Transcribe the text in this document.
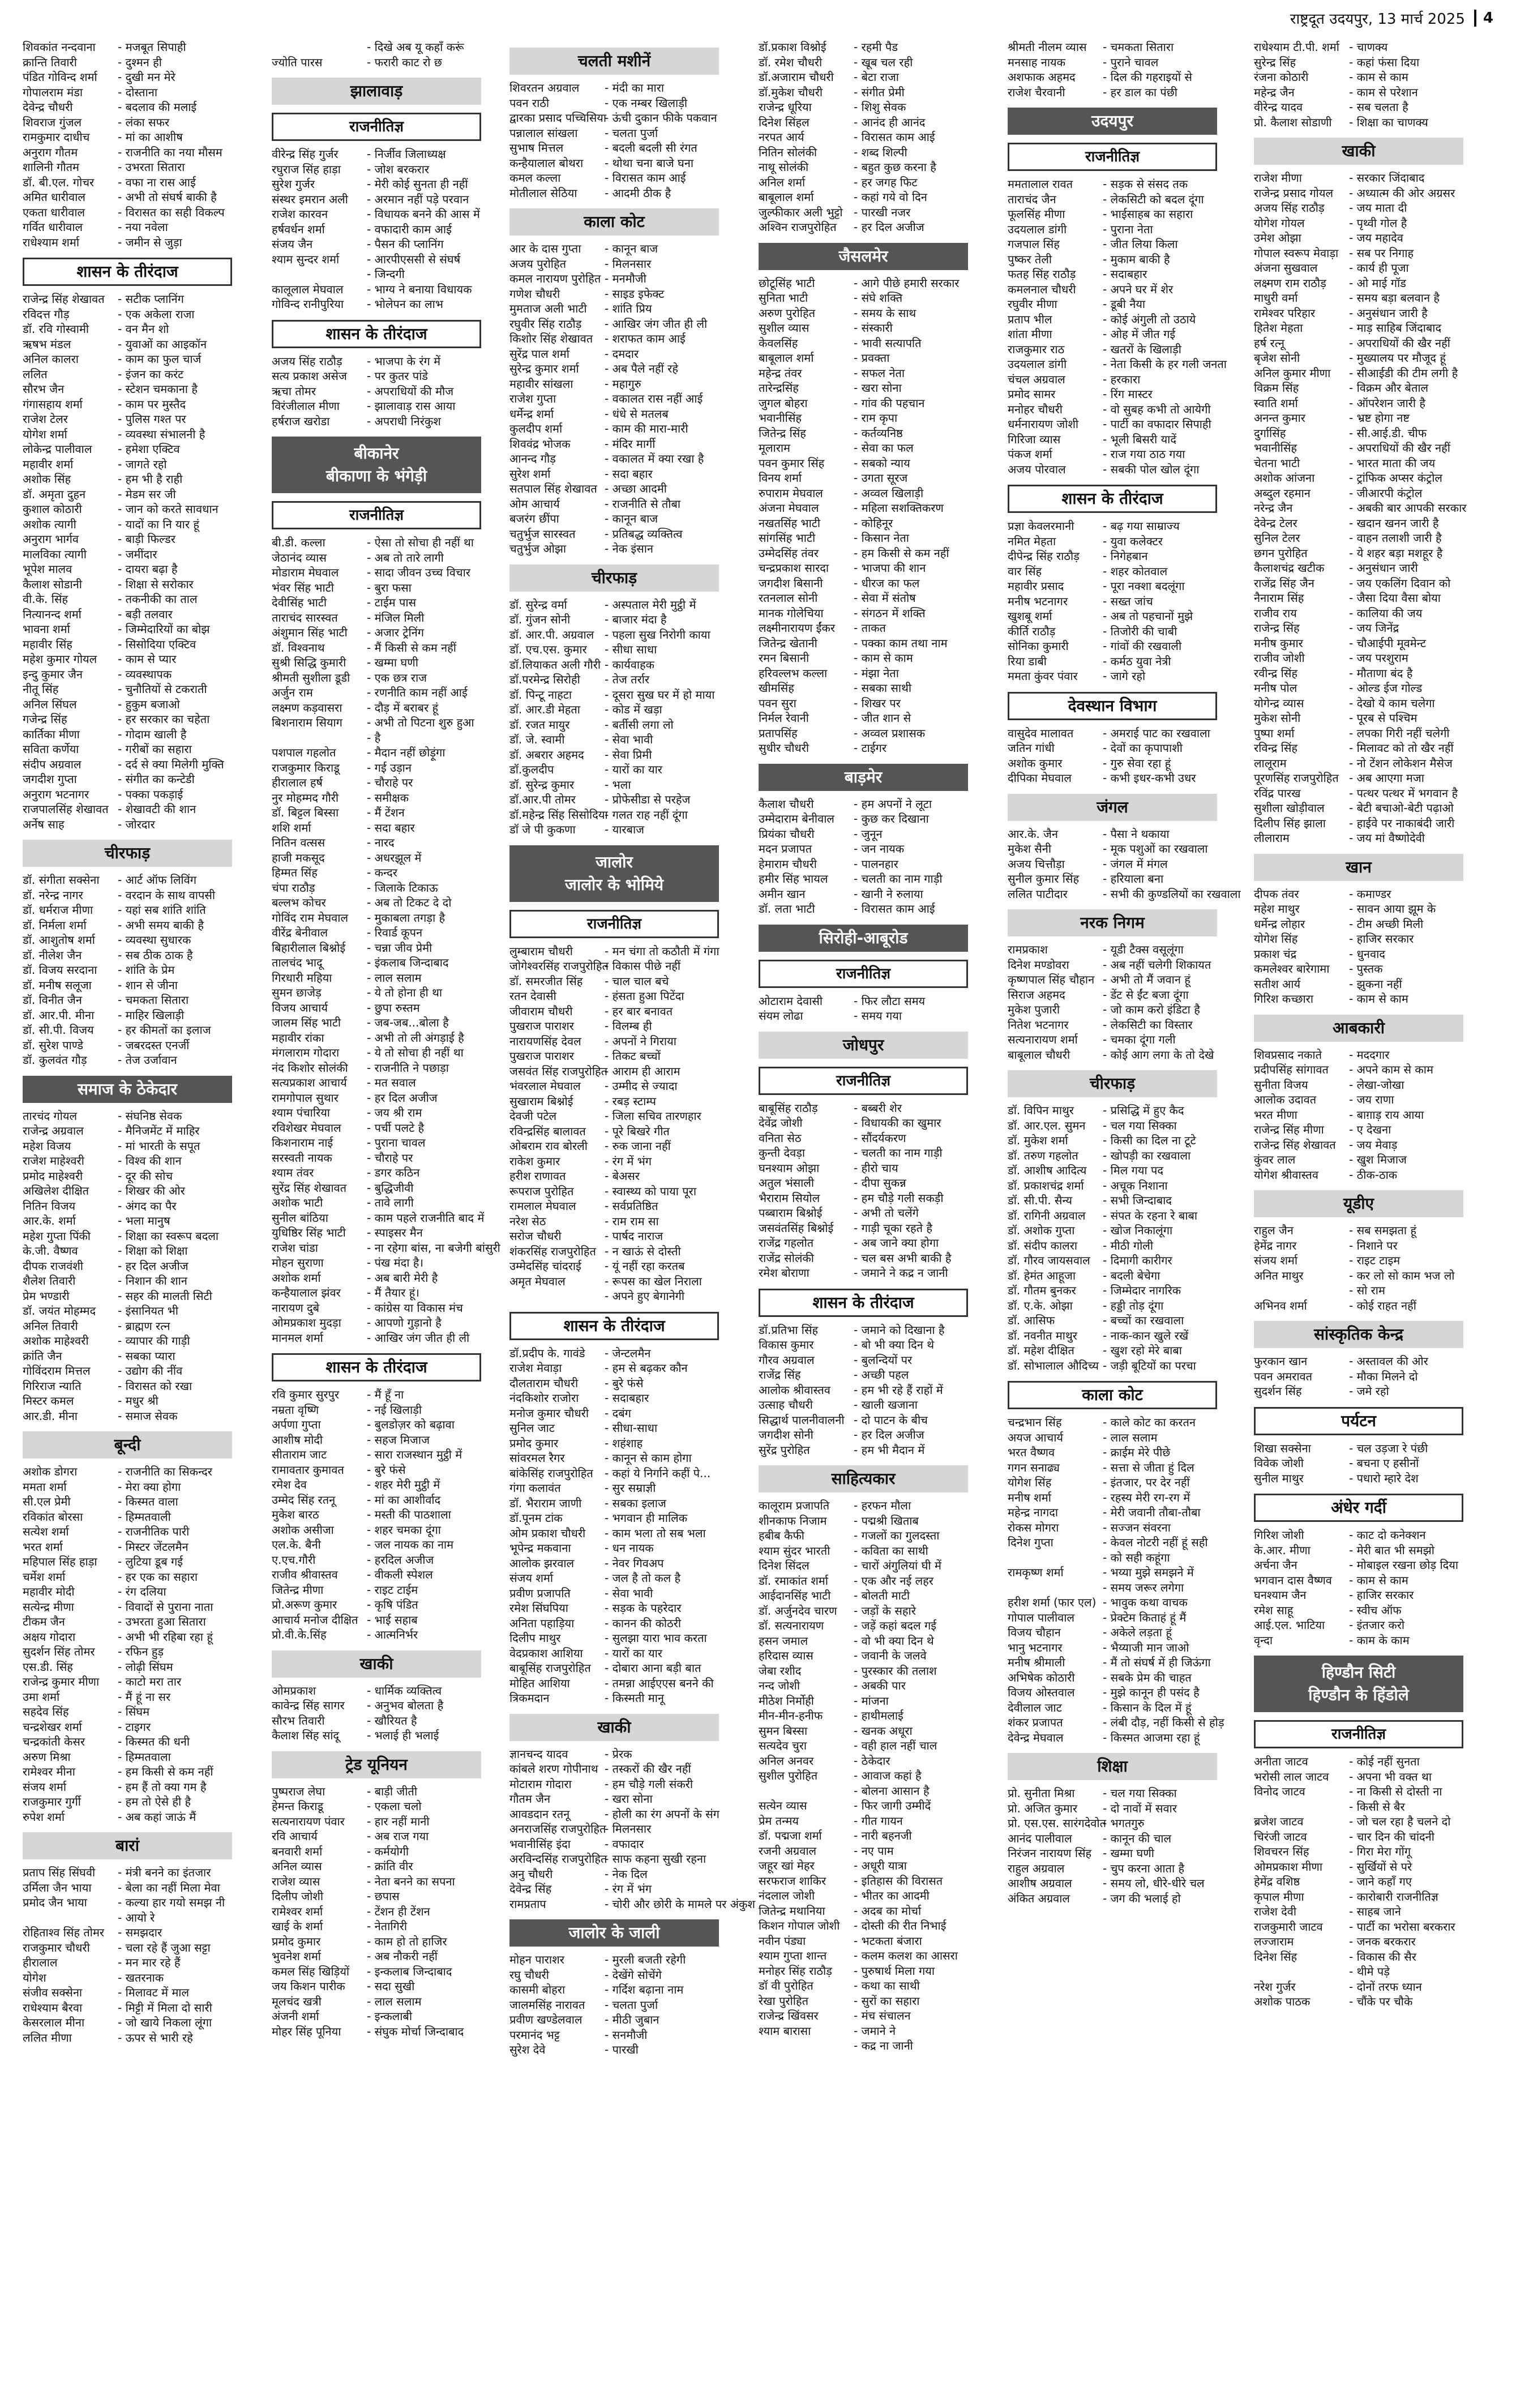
राष्ट्रदूत उदयपुर, 13 मार्च 2025	4
शिवकांत नन्दवाना - मजबूत सिपाही
क्रान्ति तिवारी	- दुश्मन ही
पंडित गोविन्द शर्मा - दुखी मन मेरे
गोपालराम मंडा	- दोस्ताना
देवेन्द्र चौधरी	- बदलाव की मलाई
शिवराज गुंजल	- लंका सफर
रामकुमार दाधीच - मां का आशीष
अनुराग गौतम	- राजनीति का नया मौसम
शालिनी गौतम	- उभरता सितारा
डॉ. बी.एल. गोचर - वफा ना रास आई
अमित धारीवाल	- अभी तो संघर्ष बाकी है
एकता धारीवाल	- विरासत का सही विकल्प
गर्वित धारीवाल	- नया नवेला
राधेश्याम शर्मा	- जमीन से जुड़ा
शासन के तीरंदाज
राजेन्द्र सिंह शेखावत - सटीक प्लानिंग
रविदत्त गौड़	- एक अकेला राजा
डॉ. रवि गोस्वामी	- वन मैन शो
ऋषभ मंडल	- युवाओं का आइकॉन
अनिल कालरा	- काम का फुल चार्ज
ललित	- इंजन का करंट
सौरभ जैन	- स्टेशन चमकाना है
गंगासहाय शर्मा	- काम पर मुस्तैद
राजेश टेलर	- पुलिस गश्त पर
योगेश शर्मा	- व्यवस्था संभालनी है
लोकेन्द्र पालीवाल - हमेशा एक्टिव
महावीर शर्मा	- जागते रहो
अशोक सिंह	- हम भी है राही
डॉ. अमृता दुहन	- मेडम सर जी
कुशाल कोठारी	- जान को करते सावधान
अशोक त्यागी	- यादों का नि यार हूं
अनुराग भार्गव	- बाड़ी फिल्डर
मालविका त्यागी	- जमींदार
भूपेश मालव	- दायरा बढ़ा है
कैलाश सोडानी	- शिक्षा से सरोकार
वी.के. सिंह	- तकनीकी का ताल
नित्यानन्द शर्मा	- बड़ी तलवार
भावना शर्मा	- जिम्मेदारियों का बोझ
महावीर सिंह	- सिसोदिया एक्टिव
महेश कुमार गोयल - काम से प्यार
इन्दु कुमार जैन	- व्यवस्थापक
नीतू सिंह	- चुनौतियों से टकराती
अनिल सिंघल	- हुकुम बजाओ
गजेन्द्र सिंह	- हर सरकार का चहेता
कार्तिका मीणा	- गोदाम खाली है
सविता कर्णेया	- गरीबों का सहारा
संदीप अग्रवाल	- दर्द से क्या मिलेगी मुक्ति
जगदीश गुप्ता	- संगीत का कन्टेडी
अनुराग भटनागर	- पक्का पकड़ाई
राजपालसिंह शेखावत - शेखावटी की शान
अर्नेष साह	- जोरदार
चीरफाड़
डॉ. संगीता सक्सेना - आर्ट ऑफ लिविंग
डॉ. नरेन्द्र नागर	- वरदान के साथ वापसी
डॉ. धर्मराज मीणा - यहां सब शांति शांति
डॉ. निर्मला शर्मा	- अभी समय बाकी है
डॉ. आशुतोष शर्मा - व्यवस्था सुधारक
डॉ. नीलेश जैन	- सब ठीक ठाक है
डॉ. विजय सरदाना - शांति के प्रेम
डॉ. मनीष सलूजा - शान से जीना
डॉ. विनीत जैन	- चमकता सितारा
डॉ. आर.पी. मीना - माहिर खिलाड़ी
डॉ. सी.पी. विजय - हर कीमतों का इलाज
डॉ. सुरेश पाण्डे	- जबरदस्त एनर्जी
डॉ. कुलवंत गौड़	- तेज उर्जावान
समाज के ठेकेदार
तारचंद गोयल	- संघनिष्ठ सेवक
राजेन्द्र अग्रवाल	- मैनिजमेंट में माहिर
महेश विजय	- मां भारती के सपूत
राजेश माहेश्वरी	- विश्व की शान
प्रमोद माहेश्वरी	- दूर की सोच
अखिलेश दीक्षित	- शिखर की ओर
नितिन विजय	- अंगद का पैर
आर.के. शर्मा	- भला मानुष
महेश गुप्ता पिंकी - शिक्षा का स्वरूप बदला
के.जी. वैष्णव	- शिक्षा को शिक्षा
दीपक राजवंशी	- हर दिल अजीज
शैलेश तिवारी	- निशान की शान
प्रेम भण्डारी	- सहर की मालती सिटी
डॉ. जयंत मोहम्मद - इंसानियत भी
अनिल तिवारी	- ब्राह्मण रत्न
अशोक माहेश्वरी	- व्यापार की गाड़ी
क्रांति जैन	- सबका प्यारा
गोविंदराम मित्तल - उद्योग की नींव
गिरिराज न्याति	- विरासत को रखा
मिस्टर कमल	- मधुर श्री
आर.डी. मीना	- समाज सेवक
बून्दी
अशोक डोगरा	- राजनीति का सिकन्दर
ममता शर्मा	- मेरा क्या होगा
सी.एल प्रेमी	- किस्मत वाला
रविकांत बोरसा	- हिम्मतवाली
सत्येश शर्मा	- राजनीतिक पारी
भरत शर्मा	- मिस्टर जेंटलमैन
महिपाल सिंह हाड़ा - लुटिया डूब गई
चर्मेश शर्मा	- हर एक का सहारा
महावीर मोदी	- रंग दलिया
सत्येन्द्र मीणा	- विवादों से पुराना नाता
टीकम जैन	- उभरता हुआ सितारा
अक्षय गोदारा	- अभी भी रहिबा रहा हूं
सुदर्शन सिंह तोमर - रफिन हुड़
एस.डी. सिंह	- लोढ़ी सिंघम
राजेन्द्र कुमार मीणा - काटो मरा तार
उमा शर्मा	- मैं हूं ना सर
सहदेव सिंह	- सिंघम
चन्द्रशेखर शर्मा	- टाइगर
चन्द्रकांती केसर	- किस्मत की धनी
अरुण मिश्रा	- हिम्मतवाला
रामेश्वर मीना	- हम किसी से कम नहीं
संजय शर्मा	- हम हैं तो क्या गम है
राजकुमार गुर्गी	- हम तो ऐसे ही है
रुपेश शर्मा	- अब कहां जाऊं मैं
बारां
प्रताप सिंह सिंघवी - मंत्री बनने का इंतजार
उर्मिला जैन भाया - बेला का नहीं मिला मेवा
प्रमोद जैन भाया	- कल्या हार गयो समझ नी
- आयो रे
रोहिताश्व सिंह तोमर - समझदार
राजकुमार चौधरी - चला रहे हैं जुआ सट्टा
हीरालाल	- मन मार रहे हैं
योगेश	- खतरनाक
संजीव सक्सेना	- मिलावट में माल
राधेश्याम बैरवा	- मिट्टी में मिला दो सारी
केसरलाल मीना	- जो खाये निकला लूंगा
ललित मीणा	- ऊपर से भारी रहे
- दिखे अब यू कहाँ करूं
ज्योति पारस	- फरारी काट रो छ
झालावाड़
राजनीतिज्ञ
वीरेन्द्र सिंह गुर्जर	- निर्जीव जिलाध्यक्ष
रघुराज सिंह हाड़ा - जोश बरकरार
सुरेश गुर्जर	- मेरी कोई सुनता ही नहीं
संस्थर इमरान अली - अरमान नहीं पड़े परवान
राजेश कारवन	- विधायक बनने की आस में
हर्षवर्धन शर्मा	- वफादारी काम आई
संजय जैन	- पैसन की प्लानिंग
श्याम सुन्दर शर्मा - आरपीएससी से संघर्ष
- जिन्दगी
कालूलाल मेघवाल - भाग्य ने बनाया विधायक
गोविन्द रानीपुरिया - भोलेपन का लाभ
शासन के तीरंदाज
अजय सिंह राठौड़ - भाजपा के रंग में
सत्य प्रकाश असेज - पर कुतर पांडे
ऋचा तोमर	- अपराधियों की मौज
विरंजीलाल मीणा - झालावाड़ रास आया
हर्षराज खरोडा	- अपराधी निरंकुश
बीकानेर
बीकाणा के भंगेड़ी
राजनीतिज्ञ
बी.डी. कल्ला	- ऐसा तो सोचा ही नहीं था
जेठानंद व्यास	- अब तो तारे लागी
मोडाराम मेघवाल - सादा जीवन उच्च विचार
भंवर सिंह भाटी	- बुरा फसा
देवीसिंह भाटी	- टाईम पास
ताराचंद सारस्वत	- मंजिल मिली
अंशुमान सिंह भाटी - अजार ट्रेनिंग
डॉ. विश्वनाथ	- मैं किसी से कम नहीं
सुश्री सिद्धि कुमारी - खम्मा घणी
श्रीमती सुशीला डूडी - एक छत्र राज
अर्जुन राम	- रणनीति काम नहीं आई
लक्ष्मण कड़वासरा - दौड़ में बराबर हूं
बिशनाराम सियाग - अभी तो पिटना शुरु हुआ
- है
पशपाल गहलोत	- मैदान नहीं छोड़ूंगा
राजकुमार किराडू - गई उड़ान
हीरालाल हर्ष	- चौराहे पर
नुर मोहम्मद गौरी - समीक्षक
डॉ. बिट्टल बिस्सा - मैं टेंशन
शशि शर्मा	- सदा बहार
नितिन वत्सस	- नारद
हाजी मकसूद	- अधरझूल में
हिम्मत सिंह	- कन्दर
चंपा राठौड़	- जिलाके टिकाऊ
बल्लभ कोचर	- अब तो टिकट दे दो
गोविंद राम मेघवाल - मुकाबला तगड़ा है
वीरेंद्र बेनीवाल	- रिवार्ड कूपन
बिहारीलाल बिश्नोई - चन्ना जीव प्रेमी
तालचंद भादू	- इंकलाब जिन्दाबाद
गिरधारी महिया	- लाल सलाम
सुमन छाजेड़	- ये तो होना ही था
विजय आचार्य	- छुपा रुस्तम
जालम सिंह भाटी - जब-जब...बोला है
महावीर रांका	- अभी तो ली अंगड़ाई है
मंगलाराम गोदारा - ये तो सोचा ही नहीं था
नंद किशोर सोलंकी - राजनीति ने पछाड़ा
सत्यप्रकाश आचार्य - मत सवाल
रामगोपाल सुथार	- हर दिल अजीज
श्याम पंचारिया	- जय श्री राम
रविशेखर मेघवाल - पर्ची पलटे है
किशनाराम नाई	- पुराना चावल
सरस्वती नायक	- चौराहे पर
श्याम तंवर	- डगर कठिन
सुरेंद्र सिंह शेखावत - बुद्धिजीवी
अशोक भाटी	- तावे लागी
सुनील बांठिया	- काम पहले राजनीति बाद में
युधिष्ठिर सिंह भाटी - स्पाइसर मैन
राजेश चांडा	- ना रहेगा बांस, ना बजेगी बांसुरी
मोहन सुराणा	- पंख मंदा है।
अशोक शर्मा	- अब बारी मेरी है
कन्हैयालाल झंवर - मैं तैयार हूं।
नारायण दुबे	- कांग्रेस या विकास मंच
ओमप्रकाश मुदड़ा - आपणो गुड़ानो है
मानमल शर्मा	- आखिर जंग जीत ही ली
शासन के तीरंदाज
रवि कुमार सुरपुर - मैं हूँ ना
नम्रता वृष्णि	- नई खिलाड़ी
अर्पणा गुप्ता	- बुलडोज़र को बढ़ावा
आशीष मोदी	- सहज मिजाज
सीताराम जाट	- सारा राजस्थान मुट्ठी में
रामावतार कुमावत - बुरे फंसे
रमेश देव	- शहर मेरी मुट्ठी में
उम्मेद सिंह रतनू	- मां का आशीर्वाद
मुकेश बारठ	- मस्ती की पाठशाला
अशोक असीजा	- शहर चमका दूंगा
एल.के. बैनी	- जल नायक का नाम
ए.एच.गौरी	- हरदिल अजीज
राजीव श्रीवास्तव	- वीकली स्पेशल
जितेन्द्र मीणा	- राइट टाईम
प्रो.अरूण कुमार	- कृषि पंडित
आचार्य मनोज दीक्षित - भाई सहाब
प्रो.वी.के.सिंह	- आत्मनिर्भर
खाकी
ओमप्रकाश	- धार्मिक व्यक्तित्व
कावेन्द्र सिंह सागर - अनुभव बोलता है
सौरभ तिवारी	- खौरियत है
कैलाश सिंह सांदू - भलाई ही भलाई
ट्रेड यूनियन
पुष्पराज लेघा	- बाड़ी जीती
हेमन्त किराडू	- एकला चलो
सत्यनारायण पंवार - हार नहीं मानी
रवि आचार्य	- अब राज गया
बनवारी शर्मा	- कर्मयोगी
अनिल व्यास	- क्रांति वीर
राजेश व्यास	- नेता बनने का सपना
दिलीप जोशी	- छपास
रामेश्वर शर्मा	- टेंशन ही टेंशन
खाई के शर्मा	- नेतागिरी
प्रमोद कुमार	- काम हो तो हाजिर
भुवनेश शर्मा	- अब नौकरी नहीं
कमल सिंह खिड़ियों - इन्कलाब जिन्दाबाद
जय किशन पारीक - सदा सुखी
मूलचंद खत्री	- लाल सलाम
अंजनी शर्मा	- इन्कलाबी
मोहर सिंह पूनिया - संघुक मोर्चा जिन्दाबाद
चलती मशीनें
शिवरतन अग्रवाल - मंदी का मारा
पवन राठी	- एक नम्बर खिलाड़ी
द्वारका प्रसाद पच्चिसिया- ऊंची दुकान फीके पकवान
पन्नालाल सांखला - चलता पुर्जा
सुभाष मित्तल	- बदली बदली सी रंगत
कन्हैयालाल बोथरा - थोथा चना बाजे घना
कमल कल्ला	- विरासत काम आई
मोतीलाल सेठिया - आदमी ठीक है
काला कोट
आर के दास गुप्ता - कानून बाज
अजय पुरोहित	- मिलनसार
कमल नारायण पुरोहित - मनमौजी
गणेश चौधरी	- साइड इफेक्ट
मुमताज अली भाटी - शांति प्रिय
रघुवीर सिंह राठौड़ - आखिर जंग जीत ही ली
किशोर सिंह शेखावत - शराफत काम आई
सुरेंद्र पाल शर्मा	- दमदार
सुरेन्द्र कुमार शर्मा - अब पैले नहीं रहे
महावीर सांखला	- महागुरु
राजेश गुप्ता	- वकालत रास नहीं आई
धर्मेन्द्र शर्मा	- धंधे से मतलब
कुलदीप शर्मा	- काम की मारा-मारी
शिववंद्र भोजक	- मंदिर मार्गी
आनन्द गौड़	- वकालत में क्या रखा है
सुरेश शर्मा	- सदा बहार
सतपाल सिंह शेखावत - अच्छा आदमी
ओम आचार्य	- राजनीति से तौबा
बजरंग छींपा	- कानून बाज
चतुर्भुज सारस्वत	- प्रतिबद्ध व्यक्तित्व
चतुर्भुज ओझा	- नेक इंसान
चीरफाड़
डॉ. सुरेन्द्र वर्मा	- अस्पताल मेरी मुट्ठी में
डॉ. गुंजन सोनी	- बाजार मंदा है
डॉ. आर.पी. अग्रवाल - पहला सुख निरोगी काया
डॉ. एच.एस. कुमार - सीधा साधा
डॉ.लियाकत अली गौरी - कार्यवाहक
डॉ.परमेन्द्र सिरोही - तेज तर्रार
डॉ. पिन्टू नाहटा	- दूसरा सुख घर में हो माया
डॉ. आर.डी मेहता - कोड में खड़ा
डॉ. रजत मायुर	- बर्तीसी लगा लो
डॉ. जे. स्वामी	- सेवा भावी
डॉ. अबरार अहमद - सेवा प्रिमी
डॉ.कुलदीप	- यारों का यार
डॉ. सुरेन्द्र कुमार	- भला
डॉ.आर.पी तोमर	- प्रोफेसीडा से परहेज
डॉ.महेन्द्र सिंह सिसोदिया- गलत राह नहीं दूंगा
डॉ जे पी कुकणा	- यारबाज
जालोर
जालोर के भोमिये
राजनीतिज्ञ
लुम्बाराम चौधरी	- मन चंगा तो कठौती में गंगा
जोगेश्वरसिंह राजपुरोहित- विकास पीछे नहीं
डॉ. समरजीत सिंह - चाल चाल बचे
रतन देवासी	- हंसता हुआ पिटेंदा
जीवाराम चौधरी	- हर बार बनावत
पुखराज पाराशर	- विलम्ब ही
नारायणसिंह देवल - अपनों ने गिराया
पुखराज पाराशर	- तिकट बच्चों
जसवंत सिंह राजपुरोहित- आराम ही आराम
भंवरलाल मेघवाल - उम्मीद से ज्यादा
सुखाराम बिश्नोई	- रबड़ स्टाम्प
देवजी पटेल	- जिला सचिव तारणहार
रविन्द्रसिंह बालावत - पूरे बिखरे गीत
ओबराम राव बोरली - रुक जाना नहीं
राकेश कुमार	- रंग में भंग
हरीश राणावत	- बेअसर
रूपराज पुरोहित	- स्वास्थ्य को पाया पूरा
रामलाल मेघवाल	- सर्वप्रतिष्ठित
नरेश सेठ	- राम राम सा
सरोज चौधरी	- पार्षद नाराज
शंकरसिंह राजपुरोहित - न खाऊं से दोस्ती
उम्मेदसिंह चांदराई - यूं नहीं रहा करतब
अमृत मेघवाल	- रूपस का खेल निराला
- अपने हुए बेगानेगी
शासन के तीरंदाज
डॉ.प्रदीप के. गावंडे - जेन्टलमैन
राजेश मेवाड़ा	- हम से बढ़कर कौन
दौलताराम चौधरी - बुरे फंसे
नंदकिशोर राजोरा - सदाबहार
मनोज कुमार चौधरी - दबंग
सुनिल जाट	- सीधा-साधा
प्रमोद कुमार	- शहंशाह
सांवरमल रैगर	- कानून से काम होगा
बांकेसिंह राजपुरोहित - कहां ये निर्गाने कहीं पे...
गंगा कलावंत	- सुर सम्राज्ञी
डॉ. भैराराम जाणी - सबका इलाज
डॉ.पूनम टांक	- भगवान ही मालिक
ओम प्रकाश चौधरी - काम भला तो सब भला
भूपेन्द्र मकवाना	- धन नायक
आलोक झरवाल	- नेवर गिवअप
संजय शर्मा	- जल है तो कल है
प्रवीण प्रजापति	- सेवा भावी
रमेश सिंघपिया	- सड़क के पहरेदार
अनिता पहाड़िया	- कानन की कोठरी
दिलीप माथुर	- सुलझा यारा भाव करता
वेदप्रकाश आशिया - यारों का यार
बाबूसिंह राजपुरोहित - दोबारा आना बड़ी बात
मोहित आशिया	- तमन्ना आईएएस बनने की
त्रिकमदान	- किस्मती मानू
खाकी
ज्ञानचन्द यादव	- प्रेरक
कांबले शरण गोपीनाथ - तस्करों की खैर नहीं
मोटाराम गोदारा	- हम चौड़े गली संकरी
गौतम जैन	- खरा सोना
आवडदान रतनू	- होली का रंग अपनों के संग
अनराजसिंह राजपुरोहित- मिलनसार
भवानीसिंह इंदा	- वफादार
अरविन्दसिंह राजपुरोहित- साफ कहना सुखी रहना
अनु चौधरी	- नेक दिल
देवेन्द्र सिंह	- रंग में भंग
रामप्रताप	- चोरी और छोरी के मामले पर अंकुश
जालोर के जाली
मोहन पाराशर	- मुरली बजती रहेगी
रघु चौधरी	- देखेंगे सोचेंगे
कासमी बोहरा	- गर्दिश बढ़ाना नाम
जालमसिंह नारावत - चलता पुर्जा
प्रवीण खण्डेलवाल - मीठी जुबान
परमानंद भट्ट	- सनमौजी
सुरेश देवे	- पारखी
डॉ.प्रकाश विश्नोई - रहमी पैड
डॉ. रमेश चौधरी	- खूब चल रही
डॉ.अजाराम चौधरी - बेटा राजा
डॉ.मुकेश चौधरी	- संगीत प्रेमी
राजेन्द्र धूरिया	- शिशु सेवक
दिनेश सिंहल	- आनंद ही आनंद
नरपत आर्य	- विरासत काम आई
नितिन सोलंकी	- शब्द शिल्पी
नाथू सोलंकी	- बहुत कुछ करना है
अनिल शर्मा	- हर जगह फिट
बाबूलाल शर्मा	- कहां गये वो दिन
जुल्फीकार अली भुट्टो - पारखी नजर
अश्विन राजपुरोहित - हर दिल अजीज
जैसलमेर
छोटूसिंह भाटी	- आगे पीछे हमारी सरकार
सुनिता भाटी	- संघे शक्ति
अरुण पुरोहित	- समय के साथ
सुशील व्यास	- संस्कारी
केवलसिंह	- भावी सत्यापति
बाबूलाल शर्मा	- प्रवक्ता
महेन्द्र तंवर	- सफल नेता
तारेन्द्रसिंह	- खरा सोना
जुगल बोहरा	- गांव की पहचान
भवानीसिंह	- राम कृपा
जितेन्द्र सिंह	- कर्तव्यनिष्ठ
मूलाराम	- सेवा का फल
पवन कुमार सिंह	- सबको न्याय
विनय शर्मा	- उगता सूरज
रुपाराम मेघवाल	- अव्वल खिलाड़ी
अंजना मेघवाल	- महिला सशक्तिकरण
नखतसिंह भाटी	- कोहिनूर
सांगसिंह भाटी	- किसान नेता
उम्मेदसिंह तंवर	- हम किसी से कम नहीं
चन्द्रप्रकाश सारदा - भाजपा की शान
जगदीश बिसानी	- धीरज का फल
रतनलाल सोनी	- सेवा में संतोष
मानक गोलेचिया	- संगठन में शक्ति
लक्ष्मीनारायण ईंकर - ताकत
जितेन्द्र खेतानी	- पक्का काम तथा नाम
रमन बिसानी	- काम से काम
हरिवल्लभ कल्ला - मंझा नेता
खीमसिंह	- सबका साथी
पवन सुरा	- शिखर पर
निर्मल रेवानी	- जीत शान से
प्रतापसिंह	- अव्वल प्रशासक
सुधीर चौधरी	- टाईगर
बाड़मेर
कैलाश चौधरी	- हम अपनों ने लूटा
उम्मेदाराम बेनीवाल - कुछ कर दिखाना
प्रियंका चौधरी	- जुनून
मदन प्रजापत	- जन नायक
हेमाराम चौधरी	- पालनहार
हमीर सिंह भायल - चलती का नाम गाड़ी
अमीन खान	- खानी ने रुलाया
डॉ. लता भाटी	- विरासत काम आई
सिरोही-आबूरोड
राजनीतिज्ञ
ओटाराम देवासी	- फिर लौटा समय
संयम लोढा	- समय गया
जोधपुर
राजनीतिज्ञ
बाबूसिंह राठौड़	- बब्बरी शेर
देवेंद्र जोशी	- विधायकी का खुमार
वनिता सेठ	- सौंदर्यकरण
कुन्ती देवड़ा	- चलती का नाम गाड़ी
घनश्याम ओझा	- हीरो चाय
अतुल भंसाली	- दीपा सुकन्न
भैराराम सियोल	- हम चौड़े गली सकड़ी
पब्बाराम बिश्नोई	- अभी तो चलेंगे
जसवंतसिंह बिश्नोई - गाड़ी चूका रहते है
राजेंद्र गहलोत	- अब जाने क्या होगा
राजेंद्र सोलंकी	- चल बस अभी बाकी है
रमेश बोराणा	- जमाने ने कद्र न जानी
शासन के तीरंदाज
डॉ.प्रतिभा सिंह	- जमाने को दिखाना है
विकास कुमार	- बो भी क्या दिन थे
गौरव अग्रवाल	- बुलन्दियों पर
राजेंद्र सिंह	- अच्छी पहल
आलोक श्रीवास्तव - हम भी रहे हैं राहों में
उत्साह चौधरी	- खाली खजाना
सिद्धार्थ पालनीवालनी - दो पाटन के बीच
जगदीश सोनी	- हर दिल अजीज
सुरेंद्र पुरोहित	- हम भी मैदान में
साहित्यकार
कालूराम प्रजापति - हरफन मौला
शीनकाफ निजाम - पद्मश्री खिताब
हबीब कैफी	- गजलों का गुलदस्ता
श्याम सुंदर भारती - कविता का साथी
दिनेश सिंदल	- चारों अंगुलियां घी में
डॉ. रमाकांत शर्मा - एक और नई लहर
आईदानसिंह भाटी - बोलती माटी
डॉ. अर्जुनदेव चारण - जड़ों के सहारे
डॉ. सत्यनारायण	- जड़ें कहां बदल गई
हसन जमाल	- वो भी क्या दिन थे
हरिदास व्यास	- जवानी के जलवे
जेबा रशीद	- पुरस्कार की तलाश
नन्द जोशी	- अबकी पार
मीठेश निर्मोही	- मांजना
मीन-मीन-हनीफ	- हाथीमलाई
सुमन बिस्सा	- खनक अधूरा
सत्यदेव चुरा	- वही हाल नहीं चाल
अनिल अनवर	- ठेकेदार
सुशील पुरोहित	- आवाज कहां है
- बोलना आसान है
सत्येन व्यास	- फिर जागी उम्मीदें
प्रेम तन्मय	- गीत गायन
डॉ. पद्मजा शर्मा	- नारी बहनजी
रजनी अग्रवाल	- नए पाम
जहूर खां मेहर	- अधूरी यात्रा
सरफराज शाकिर - इतिहास की विरासत
नंदलाल जोशी	- भीतर का आदमी
जितेन्द्र मथानिया	- अदब का मोर्चा
किशन गोपाल जोशी - दोस्ती की रीत निभाई
नवीन पंड्या	- भटकता बंजारा
श्याम गुप्ता शान्त - कलम कलश का आसरा
मनोहर सिंह राठौड़ - पुरुषार्थ मिला गया
डॉ वी पुरोहित	- कथा का साथी
रेखा पुरोहित	- सुरों का सहारा
राजेन्द्र खिंवसर	- मंच संचालन
श्याम बारासा	- जमाने ने
- कद्र ना जानी
श्रीमती नीलम व्यास - चमकता सितारा
मनसाह नायक	- पुराने चावल
अशफाक अहमद - दिल की गहराइयों से
राजेश चैरवानी	- हर डाल का पंछी
उदयपुर
राजनीतिज्ञ
ममतालाल रावत	- सड़क से संसद तक
ताराचंद जैन	- लेकसिटी को बदल दूंगा
फूलसिंह मीणा	- भाईसाहब का सहारा
उदयलाल डांगी	- पुराना नेता
गजपाल सिंह	- जीत लिया किला
पुष्कर तेली	- मुकाम बाकी है
फतह सिंह राठौड़ - सदाबहार
कमलनाल चौधरी - अपने घर में शेर
रघुवीर मीणा	- डूबी नैया
प्रताप भील	- कोई अंगुली तो उठाये
शांता मीणा	- ओह में जीत गई
राजकुमार राठ	- खतरों के खिलाड़ी
उदयलाल डांगी	- नेता किसी के हर गली जनता
चंचल अग्रवाल	- हरकारा
प्रमोद सामर	- रिंग मास्टर
मनोहर चौधरी	- वो सुबह कभी तो आयेगी
धर्मनारायण जोशी - पार्टी का वफादार सिपाही
गिरिजा व्यास	- भूली बिसरी यादें
पंकज शर्मा	- राज गया ठाठ गया
अजय पोरवाल	- सबकी पोल खोल दूंगा
शासन के तीरंदाज
प्रज्ञा केवलरमानी	- बढ़ गया साम्राज्य
नमित मेहता	- युवा कलेक्टर
दीपेन्द्र सिंह राठौड़ - निगेहबान
वार सिंह	- शहर कोतवाल
महावीर प्रसाद	- पूरा नक्शा बदलूंगा
मनीष भटनागर	- सख्त जांच
खुशबू शर्मा	- अब तो पहचानों मुझे
कीर्ति राठौड़	- तिजोरी की चाबी
सोनिका कुमारी	- गांवों की रखवाली
रिया डाबी	- कर्मठ युवा नेत्री
ममता कुंवर पंवार - जागे रहो
देवस्थान विभाग
वासुदेव मालावत	- अमराई पाट का रखवाला
जतिन गांधी	- देवों का कृपापाशी
अशोक कुमार	- गुरु सेवा रहा हूं
दीपिका मेघवाल	- कभी इधर-कभी उधर
जंगल
आर.के. जैन	- पैसा ने थकाया
मुकेश सैनी	- मूक पशुओं का रखवाला
अजय चित्तौड़ा	- जंगल में मंगल
सुनील कुमार सिंह - हरियाला बना
ललित पाटीदार	- सभी की कुण्डलियों का रखवाला
नरक निगम
रामप्रकाश	- यूडी टैक्स वसूलूंगा
दिनेश मण्डोवरा	- अब नहीं चलेगी शिकायत
कृष्णपाल सिंह चौहान - अभी तो मैं जवान हूं
सिराज अहमद	- डेंट से ईंट बजा दूंगा
मुकेश पुजारी	- जो काम करो इंडिटा है
नितेश भटनागर	- लेकसिटी का विस्तार
सत्यनारायण शर्मा - चमका दूंगा गली
बाबूलाल चौधरी	- कोई आग लगा के तो देखे
चीरफाड़
डॉ. विपिन माथुर	- प्रसिद्धि में हुए कैद
डॉ. आर.एल. सुमन - चल गया सिक्का
डॉ. मुकेश शर्मा	- किसी का दिल ना टूटे
डॉ. तरुण गहलोत - खोपड़ी का रखवाला
डॉ. आशीष आदित्य - मिल गया पद
डॉ. प्रकाशचंद्र शर्मा - अचूक निशाना
डॉ. सी.पी. सैन्य	- सभी जिन्दाबाद
डॉ. रागिनी अग्रवाल - संपत के रहना रे बाबा
डॉ. अशोक गुप्ता - खोज निकालूंगा
डॉ. संदीप कालरा - मीठी गोली
डॉ. गौरव जायसवाल - दिमागी कारीगर
डॉ. हेमंत आहूजा - बदली बेचेगा
डॉ. गौतम बुनकर - जिम्मेदार नागरिक
डॉ. ए.के. ओझा	- हड्डी तोड़ दूंगा
डॉ. आसिफ	- बच्चों का रखवाला
डॉ. नवनीत माथुर - नाक-कान खुले रखें
डॉ. महेश दीक्षित	- खुश रहो मेरे बाबा
डॉ. सोभालाल औदिच्य - जड़ी बूटियों का परचा
काला कोट
चन्द्रभान सिंह	- काले कोट का करतन
अयज आचार्य	- लाल सलाम
भरत वैष्णव	- क्राईम मेरे पीछे
गगन सनाढ्य	- सत्ता से जीता हुं दिल
योगेश सिंह	- इंतजार, पर देर नहीं
मनीष शर्मा	- रहस्य मेरी रग-रग में
महेन्द्र नागदा	- मेरी जवानी तौबा-तौबा
रोकस मोगरा	- सज्जन संवरना
दिनेश गुप्ता	- केवल नोटरी नहीं हूं सही
- को सही कहूंगा
रामकृष्ण शर्मा	- भय्या मुझे समझने में
- समय जरूर लगेगा
हरीश शर्मा (फार एल) - भावुक कथा वाचक
गोपाल पालीवाल - प्रेक्टेम किताहं हूं मैं
विजय चौहान	- अकेले लड़ता हूं
भानु भटनागर	- भैय्याजी मान जाओ
मनीष श्रीमाली	- मैं तो संघर्ष में ही जिऊंगा
अभिषेक कोठारी - सबके प्रेम की चाहत
विजय ओस्तवाल - मुझे कानून ही पसंद है
देवीलाल जाट	- किसान के दिल में हूं
शंकर प्रजापत	- लंबी दौड़, नहीं किसी से होड़
देवेन्द्र मेघवाल	- किस्मत आजमा रहा हूं
शिक्षा
प्रो. सुनीता मिश्रा - चल गया सिक्का
प्रो. अजित कुमार - दो नावों में सवार
प्रो. एस.एस. सारंगदेवोत- भगतगुरु
आनंद पालीवाल	- कानून की चाल
निरंजन नारायण सिंह - खम्मा घणी
राहुल अग्रवाल	- चुप करना आता है
आशीष अग्रवाल	- समय लो, धीरे-धीरे चल
अंकित अग्रवाल	- जग की भलाई हो
राधेश्याम टी.पी. शर्मा - चाणक्य
सुरेन्द्र सिंह	- कहां फंसा दिया
रंजना कोठारी	- काम से काम
महेन्द्र जैन	- काम से परेशान
वीरेन्द्र यादव	- सब चलता है
प्रो. कैलाश सोडाणी - शिक्षा का चाणक्य
खाकी
राजेश मीणा	- सरकार जिंदाबाद
राजेन्द्र प्रसाद गोयल - अध्यात्म की ओर अग्रसर
अजय सिंह राठौड़ - जय माता दी
योगेश गोयल	- पृथ्वी गोल है
उमेश ओझा	- जय महादेव
गोपाल स्वरूप मेवाड़ा - सब पर निगाह
अंजना सुखवाल	- कार्य ही पूजा
लक्ष्मण राम राठौड़ - ओ माई गॉड
माधुरी वर्मा	- समय बड़ा बलवान है
रामेश्वर परिहार	- अनुसंधान जारी है
हितेश मेहता	- माड़ साहिब जिंदाबाद
हर्ष रत्नू	- अपराधियों की खैर नहीं
बृजेश सोनी	- मुख्यालय पर मौजूद हूं
अनिल कुमार मीणा - सीआईडी की टीम लगी है
विक्रम सिंह	- विक्रम और बेताल
स्वाति शर्मा	- ऑपरेशन जारी है
अनन्त कुमार	- भ्रष्ट होगा नष्ट
दुर्गासिंह	- सी.आई.डी. चीफ
भवानीसिंह	- अपराधियों की खैर नहीं
चेतना भाटी	- भारत माता की जय
अशोक आंजना	- ट्रांफिक अप्सर कंट्रोल
अब्दुल रहमान	- जीआरपी कंट्रोल
नरेन्द्र जैन	- अबकी बार आपकी सरकार
देवेन्द्र टेलर	- खदान खनन जारी है
सुनिल टेलर	- वाहन तलाशी जारी है
छगन पुरोहित	- ये शहर बड़ा मशहूर है
कैलाशचंद्र खटीक - अनुसंधान जारी
राजेंद्र सिंह जैन	- जय एकलिंग दिवान को
नैनाराम सिंह	- जैसा दिया वैसा बोया
राजीव राय	- कालिया की जय
राजेन्द्र सिंह	- जय जिनेंद्र
मनीष कुमार	- चौआईपी मूवमेन्ट
राजीव जोशी	- जय परशुराम
रवीन्द्र सिंह	- मौताणा बंद है
मनीष पोल	- ओल्ड ईज गोल्ड
योगेन्द्र व्यास	- देखो ये काम चलेगा
मुकेश सोनी	- पूरब से पश्चिम
पुष्पा शर्मा	- लपका गिरी नहीं चलेगी
रविन्द्र सिंह	- मिलावट को तो खैर नहीं
लालूराम	- नो टेंशन लोकेशन मैसेज
पूरणसिंह राजपुरोहित - अब आएगा मजा
रविंद्र पारख	- पत्थर पत्थर में भगवान है
सुशीला खोड़ीवाल - बेटी बचाओ-बेटी पढ़ाओ
दिलीप सिंह झाला - हाईवे पर नाकाबंदी जारी
लीलाराम	- जय मां वैष्णोदेवी
खान
दीपक तंवर	- कमाण्डर
महेश माथुर	- सावन आया झूम के
धर्मेन्द्र लोहार	- टीम अच्छी मिली
योगेश सिंह	- हाजिर सरकार
प्रकाश चंद्र	- धुनवाद
कमलेश्वर बारेगामा - पुस्तक
सतीश आर्य	- झुकना नहीं
गिरिश कच्छारा	- काम से काम
आबकारी
शिवप्रसाद नकाते - मददगार
प्रदीपसिंह सांगावत - अपने काम से काम
सुनीता विजय	- लेखा-जोखा
आलोक उदावत	- जय राणा
भरत मीणा	- बाग़ाड़ राय आया
राजेन्द्र सिंह मीणा - ए देखना
राजेन्द्र सिंह शेखावत - जय मेवाड़
कुंवर लाल	- खुश मिजाज
योगेश श्रीवास्तव	- ठीक-ठाक
यूडीए
राहुल जैन	- सब समझता हूं
हेमेंद्र नागर	- निशाने पर
संजय शर्मा	- राइट टाइम
अनित माथुर	- कर लो सो काम भज लो
- सो राम
अभिनव शर्मा	- कोई राहत नहीं
सांस्कृतिक केन्द्र
फुरकान खान	- अस्तावल की ओर
पवन अमरावत	- मौका मिलने दो
सुदर्शन सिंह	- जमे रहो
पर्यटन
शिखा सक्सेना	- चल उड़जा रे पंछी
विवेक जोशी	- बचना ए हसीनों
सुनील माथुर	- पधारो म्हारे देश
अंधेर गर्दी
गिरिश जोशी	- काट दो कनेक्शन
के.आर. मीणा	- मेरी बात भी समझो
अर्चना जैन	- मोबाइल रखना छोड़ दिया
भगवान दास वैष्णव - काम से काम
घनश्याम जैन	- हाजिर सरकार
रमेश साहू	- स्वीच ऑफ
आई.एल. भाटिया - इंतजार करो
वृन्दा	- काम के काम
हिण्डौन सिटी
हिण्डौन के हिंडोले
राजनीतिज्ञ
अनीता जाटव	- कोई नहीं सुनता
भरोसी लाल जाटव - अपना भी वक्त था
विनोद जाटव	- ना किसी से दोस्ती ना
- किसी से बैर
ब्रजेश जाटव	- जो चल रहा है चलने दो
चिरंजी जाटव	- चार दिन की चांदनी
शिवचरन सिंह	- गिरा मेरा गोंगू
ओमप्रकाश मीणा - सुर्खियों से परे
हेमेंद्र वशिष्ठ	- जाने कहाँ गए
कृपाल मीणा	- कारोबारी राजनीतिज्ञ
राजेश देवी	- साहब जाने
राजकुमारी जाटव - पार्टी का भरोसा बरकरार
लज्जाराम	- जनक बरकरार
दिनेश सिंह	- विकास की सैर
- थीमे पड़े
नरेश गुर्जर	- दोनों तरफ ध्यान
अशोक पाठक	- चौंके पर चौके
